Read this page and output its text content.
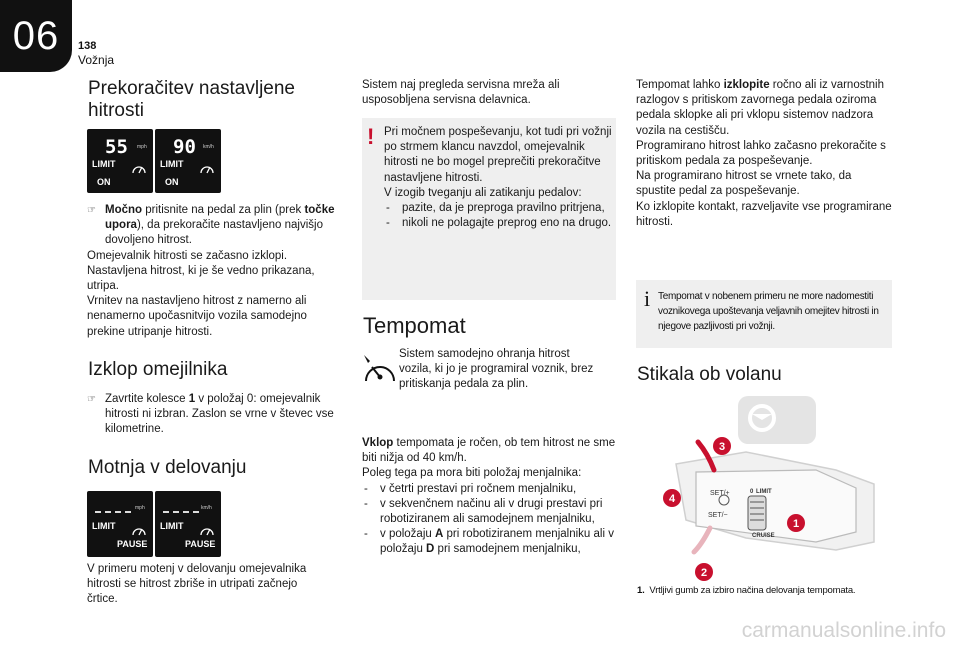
06	138
Vožnja
Prekoračitev nastavljene hitrosti
55 mph
LIMIT
ON
90 km/h
LIMIT
ON
☞ Močno pritisnite na pedal za plin (prek točke upora), da prekoračite nastavljeno najvišjo dovoljeno hitrost.
Omejevalnik hitrosti se začasno izklopi.
Nastavljena hitrost, ki je še vedno prikazana, utripa.
Vrnitev na nastavljeno hitrost z namerno ali nenamerno upočasnitvijo vozila samodejno prekine utripanje hitrosti.
Izklop omejilnika
☞ Zavrtite kolesce 1 v položaj 0: omejevalnik hitrosti ni izbran. Zaslon se vrne v števec vse kilometrine.
Motnja v delovanju
mph
LIMIT
PAUSE
km/h
LIMIT
PAUSE
V primeru motenj v delovanju omejevalnika hitrosti se hitrost zbriše in utripati začnejo črtice.
Sistem naj pregleda servisna mreža ali usposobljena servisna delavnica.
! Pri močnem pospeševanju, kot tudi pri vožnji po strmem klancu navzdol, omejevalnik hitrosti ne bo mogel preprečiti prekoračitve nastavljene hitrosti.
V izogib tveganju ali zatikanju pedalov:
- pazite, da je preproga pravilno pritrjena,
- nikoli ne polagajte preprog eno na drugo.
Tempomat
Sistem samodejno ohranja hitrost vozila, ki jo je programiral voznik, brez pritiskanja pedala za plin.
Vklop tempomata je ročen, ob tem hitrost ne sme biti nižja od 40 km/h.
Poleg tega pa mora biti položaj menjalnika:
- v četrti prestavi pri ročnem menjalniku,
- v sekvenčnem načinu ali v drugi prestavi pri robotiziranem ali samodejnem menjalniku,
- v položaju A pri robotiziranem menjalniku ali v položaju D pri samodejnem menjalniku,
Tempomat lahko izklopite ročno ali iz varnostnih razlogov s pritiskom zavornega pedala oziroma pedala sklopke ali pri vklopu sistemov nadzora vozila na cestišču.
Programirano hitrost lahko začasno prekoračite s pritiskom pedala za pospeševanje.
Na programirano hitrost se vrnete tako, da spustite pedal za pospeševanje.
Ko izklopite kontakt, razveljavite vse programirane hitrosti.
i Tempomat v nobenem primeru ne more nadomestiti voznikovega upoštevanja veljavnih omejitev hitrosti in njegove pazljivosti pri vožnji.
Stikala ob volanu
SET/+
SET/−
LIMIT
0
CRUISE
1
2
3
4
1. Vrtljivi gumb za izbiro načina delovanja tempomata.
carmanualsonline.info
